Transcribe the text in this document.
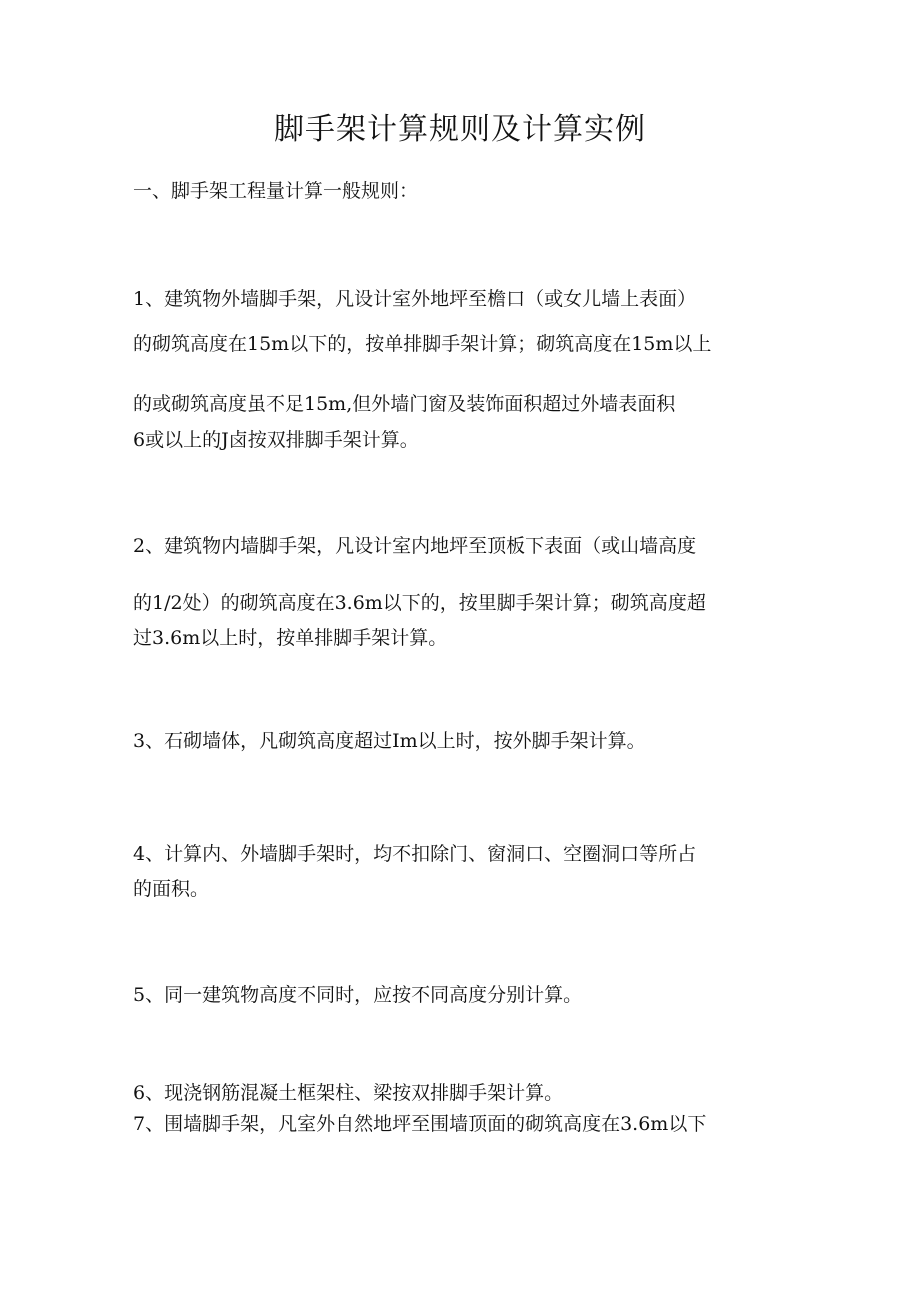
脚手架计算规则及计算实例

一、脚手架工程量计算一般规则：

1、建筑物外墙脚手架，凡设计室外地坪至檐口（或女儿墙上表面）

的砌筑高度在15m以下的，按单排脚手架计算；砌筑高度在15m以上

的或砌筑高度虽不足15m,但外墙门窗及装饰面积超过外墙表面积

6或以上的J卤按双排脚手架计算。

2、建筑物内墙脚手架，凡设计室内地坪至顶板下表面（或山墙高度

的1/2处）的砌筑高度在3.6m以下的，按里脚手架计算；砌筑高度超

过3.6m以上时，按单排脚手架计算。

3、石砌墙体，凡砌筑高度超过Im以上时，按外脚手架计算。

4、计算内、外墙脚手架时，均不扣除门、窗洞口、空圈洞口等所占

的面积。

5、同一建筑物高度不同时，应按不同高度分别计算。

6、现浇钢筋混凝土框架柱、梁按双排脚手架计算。

7、围墙脚手架，凡室外自然地坪至围墙顶面的砌筑高度在3.6m以下
